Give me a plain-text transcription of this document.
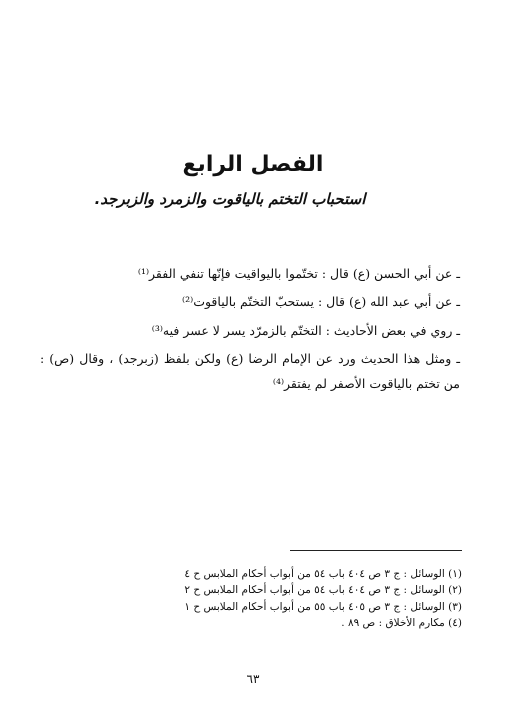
الفصل الرابع
استحباب التختم بالياقوت والزمرد والزبرجد.

ـ عن أبي الحسن (ع) قال : تختّموا باليواقيت فإنّها تنفي الفقر⁽¹⁾

ـ عن أبي عبد الله (ع) قال : يستحبّ التختّم بالياقوت⁽²⁾

ـ روي في بعض الأحاديث : التختّم بالزمرّد يسر لا عسر فيه⁽³⁾

ـ ومثل هذا الحديث ورد عن الإمام الرضا (ع) ولكن بلفظ (زبرجد) ، وقال (ص) : من تختم بالياقوت الأصفر لم يفتقر⁽⁴⁾

(١) الوسائل : ج ٣ ص ٤٠٤ باب ٥٤ من أبواب أحكام الملابس ح ٤
(٢) الوسائل : ج ٣ ص ٤٠٤ باب ٥٤ من أبواب أحكام الملابس ح ٢
(٣) الوسائل : ج ٣ ص ٤٠٥ باب ٥٥ من أبواب أحكام الملابس ح ١
(٤) مكارم الأخلاق : ص ٨٩ .
٦٣
